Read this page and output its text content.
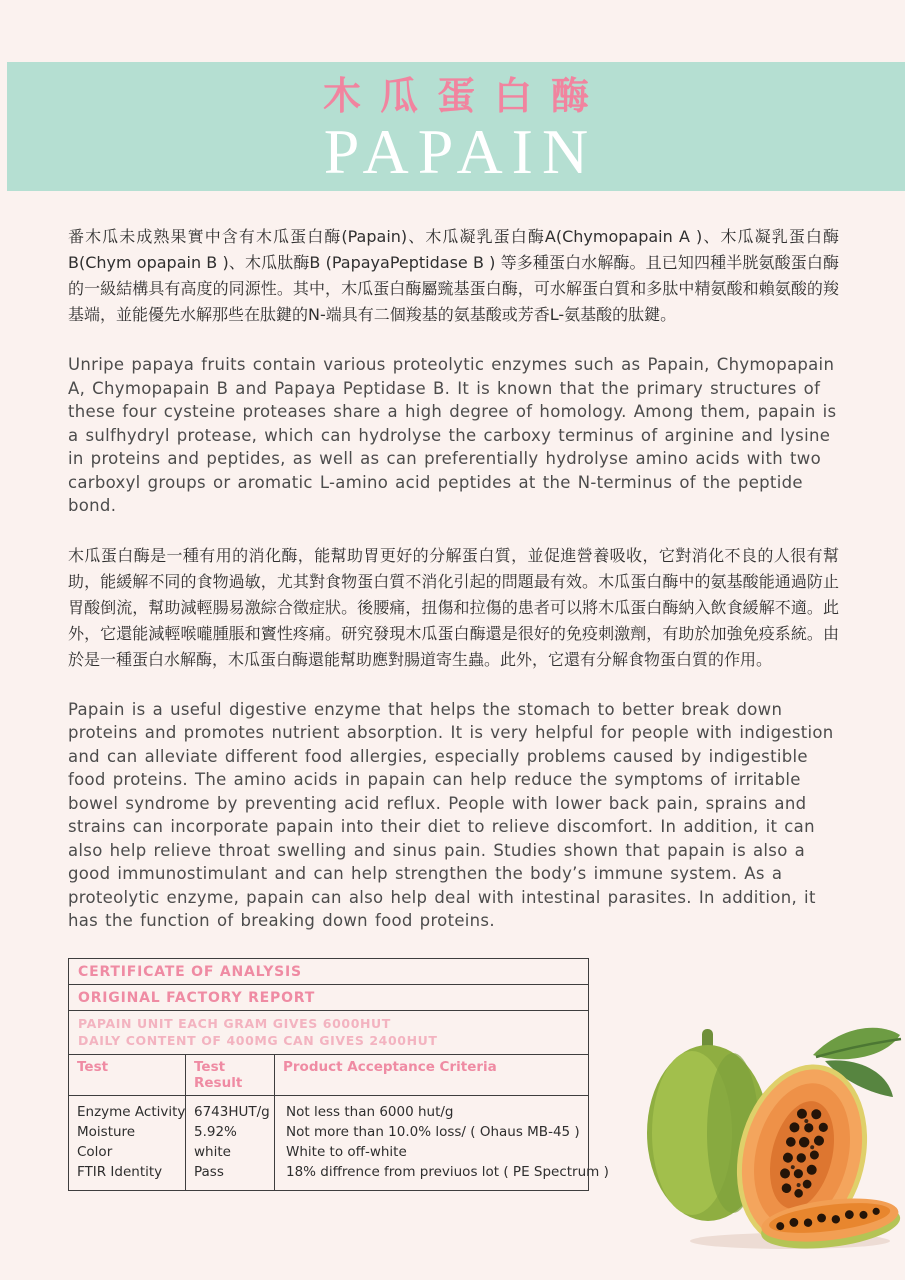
木瓜蛋白酶
PAPAIN

番木瓜未成熟果實中含有木瓜蛋白酶(Papain)、木瓜凝乳蛋白酶A(Chymopapain A )、木瓜凝乳蛋白酶B(Chym opapain B )、木瓜肽酶B (PapayaPeptidase B ) 等多種蛋白水解酶。且已知四種半胱氨酸蛋白酶的一級結構具有高度的同源性。其中，木瓜蛋白酶屬巰基蛋白酶，可水解蛋白質和多肽中精氨酸和賴氨酸的羧基端，並能優先水解那些在肽鍵的N-端具有二個羧基的氨基酸或芳香L-氨基酸的肽鍵。

Unripe papaya fruits contain various proteolytic enzymes such as Papain, Chymopapain A, Chymopapain B and Papaya Peptidase B. It is known that the primary structures of these four cysteine proteases share a high degree of homology. Among them, papain is a sulfhydryl protease, which can hydrolyse the carboxy terminus of arginine and lysine in proteins and peptides, as well as can preferentially hydrolyse amino acids with two carboxyl groups or aromatic L-amino acid peptides at the N-terminus of the peptide bond.

木瓜蛋白酶是一種有用的消化酶，能幫助胃更好的分解蛋白質，並促進營養吸收，它對消化不良的人很有幫助，能緩解不同的食物過敏，尤其對食物蛋白質不消化引起的問題最有效。木瓜蛋白酶中的氨基酸能通過防止胃酸倒流，幫助減輕腸易激綜合徵症狀。後腰痛，扭傷和拉傷的患者可以將木瓜蛋白酶納入飲食緩解不適。此外，它還能減輕喉嚨腫脹和竇性疼痛。研究發現木瓜蛋白酶還是很好的免疫刺激劑，有助於加強免疫系統。由於是一種蛋白水解酶，木瓜蛋白酶還能幫助應對腸道寄生蟲。此外，它還有分解食物蛋白質的作用。

Papain is a useful digestive enzyme that helps the stomach to better break down proteins and promotes nutrient absorption. It is very helpful for people with indigestion and can alleviate different food allergies, especially problems caused by indigestible food proteins. The amino acids in papain can help reduce the symptoms of irritable bowel syndrome by preventing acid reflux. People with lower back pain, sprains and strains can incorporate papain into their diet to relieve discomfort. In addition, it can also help relieve throat swelling and sinus pain. Studies shown that papain is also a good immunostimulant and can help strengthen the body’s immune system. As a proteolytic enzyme, papain can also help deal with intestinal parasites. In addition, it has the function of breaking down food proteins.

CERTIFICATE OF ANALYSIS
ORIGINAL FACTORY REPORT
PAPAIN UNIT EACH GRAM GIVES 6000HUT
DAILY CONTENT OF 400MG CAN GIVES 2400HUT
Test	Test Result
Product Acceptance Criteria
Enzyme Activity
Moisture
Color
FTIR Identity
6743HUT/g
5.92%
white
Pass
Not less than 6000 hut/g
Not more than 10.0% loss/ ( Ohaus MB-45 )
White to off-white
18% diffrence from previuos lot ( PE Spectrum )
